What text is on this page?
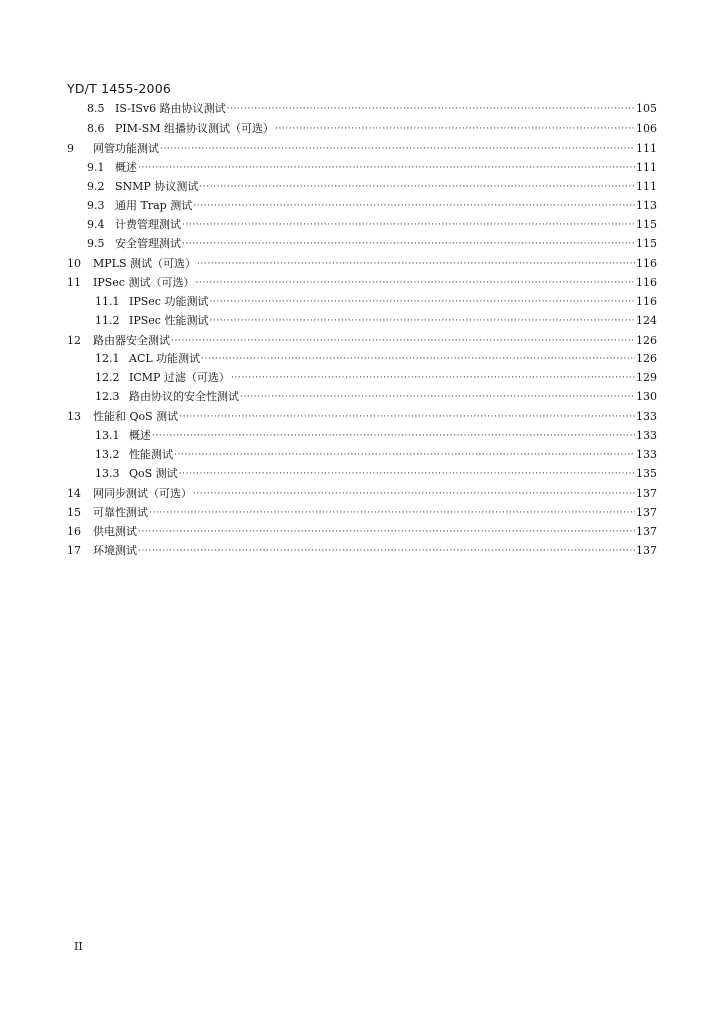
YD/T 1455-2006
8.5 IS-ISv6 路由协议测试 ·····	105
8.6 PIM-SM 组播协议测试（可选） ·····	106
9	网管功能测试 ·····	111
9.1 概述 ·····	111
9.2 SNMP 协议测试 ·····	111
9.3 通用 Trap 测试 ·····	113
9.4 计费管理测试 ·····	115
9.5 安全管理测试 ·····	115
10	MPLS 测试（可选） ·····	116
11	IPSec 测试（可选） ·····	116
11.1 IPSec 功能测试 ·····	116
11.2 IPSec 性能测试 ·····	124
12	路由器安全测试 ·····	126
12.1 ACL 功能测试 ·····	126
12.2 ICMP 过滤（可选） ·····	129
12.3 路由协议的安全性测试 ·····	130
13	性能和 QoS 测试 ·····	133
13.1 概述 ·····	133
13.2 性能测试 ·····	133
13.3 QoS 测试 ·····	135
14	网同步测试（可选） ·····	137
15	可靠性测试 ·····	137
16	供电测试 ·····	137
17	环境测试 ·····	137
II
